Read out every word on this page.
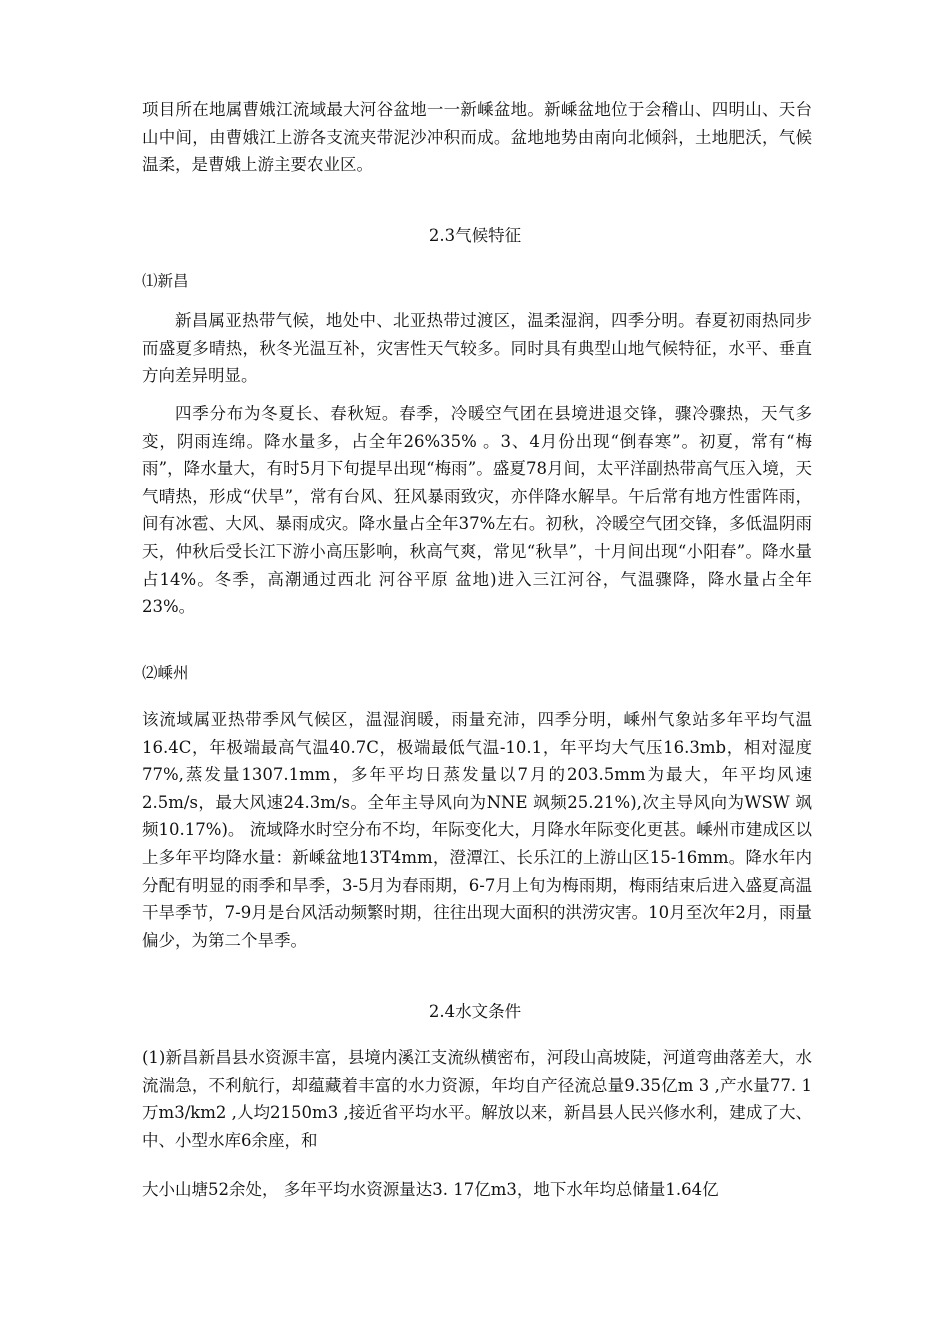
项目所在地属曹娥江流域最大河谷盆地一一新嵊盆地。新嵊盆地位于会稽山、四明山、天台山中间，由曹娥江上游各支流夹带泥沙冲积而成。盆地地势由南向北倾斜，土地肥沃，气候温柔，是曹娥上游主要农业区。

2.3气候特征
⑴新昌

新昌属亚热带气候，地处中、北亚热带过渡区，温柔湿润，四季分明。春夏初雨热同步而盛夏多晴热，秋冬光温互补，灾害性天气较多。同时具有典型山地气候特征，水平、垂直方向差异明显。

四季分布为冬夏长、春秋短。春季，冷暖空气团在县境进退交锋，骤冷骤热，天气多变，阴雨连绵。降水量多，占全年26%35% 。3、4月份出现“倒春寒”。初夏，常有“梅雨”，降水量大，有时5月下旬提早出现“梅雨”。盛夏78月间，太平洋副热带高气压入境，天气晴热，形成“伏旱”，常有台风、狂风暴雨致灾，亦伴降水解旱。午后常有地方性雷阵雨，间有冰雹、大风、暴雨成灾。降水量占全年37%左右。初秋，冷暖空气团交锋，多低温阴雨天，仲秋后受长江下游小高压影响，秋高气爽，常见“秋旱”，十月间出现“小阳春”。降水量占14%。冬季，高潮通过西北 河谷平原 盆地)进入三江河谷，气温骤降，降水量占全年23%。

⑵嵊州

该流域属亚热带季风气候区，温湿润暖，雨量充沛，四季分明，嵊州气象站多年平均气温16.4C，年极端最高气温40.7C，极端最低气温-10.1，年平均大气压16.3mb，相对湿度77%,蒸发量1307.1mm，多年平均日蒸发量以7月的203.5mm为最大，年平均风速2.5m/s，最大风速24.3m/s。全年主导风向为NNE 飒频25.21%),次主导风向为WSW 飒频10.17%)。 流域降水时空分布不均，年际变化大，月降水年际变化更甚。嵊州市建成区以上多年平均降水量：新嵊盆地13T4mm，澄潭江、长乐江的上游山区15-16mm。降水年内分配有明显的雨季和旱季，3-5月为春雨期，6-7月上旬为梅雨期，梅雨结束后进入盛夏高温干旱季节，7-9月是台风活动频繁时期，往往出现大面积的洪涝灾害。10月至次年2月，雨量偏少，为第二个旱季。

2.4水文条件

(1)新昌新昌县水资源丰富，县境内溪江支流纵横密布，河段山高坡陡，河道弯曲落差大，水流湍急，不利航行，却蕴藏着丰富的水力资源，年均自产径流总量9.35亿m 3 ,产水量77. 1万m3/km2 ,人均2150m3 ,接近省平均水平。解放以来，新昌县人民兴修水利，建成了大、中、小型水库6余座，和

大小山塘52余处， 多年平均水资源量达3. 17亿m3，地下水年均总储量1.64亿
